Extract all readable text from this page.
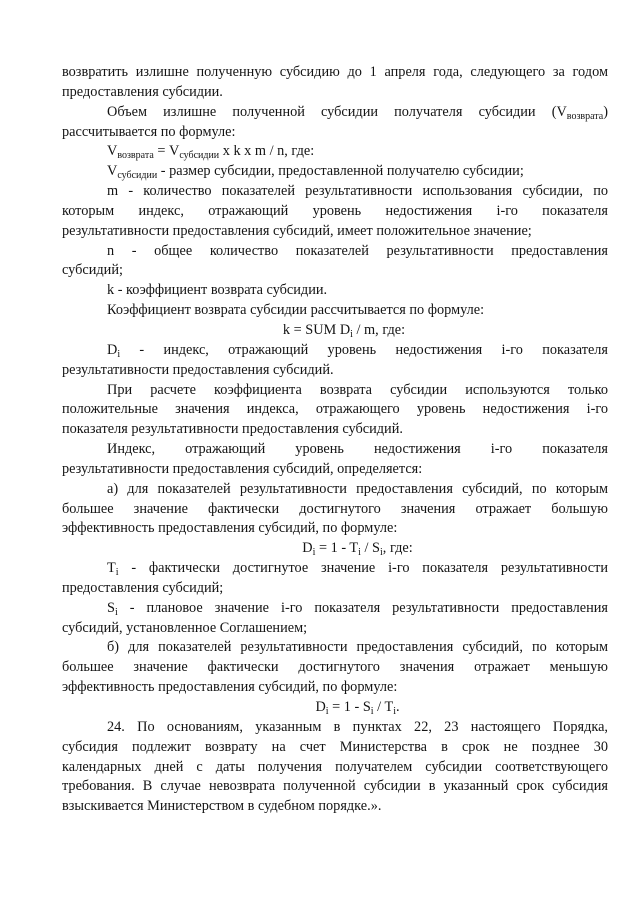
возвратить излишне полученную субсидию до 1 апреля года, следующего за годом
предоставления субсидии.
Объем излишне полученной субсидии получателя субсидии $(V_{возврата})$
рассчитывается по формуле:
$V_{возврата} = V_{субсидии}$ x k x m / n, где:
$V_{субсидии}$ - размер субсидии, предоставленной получателю субсидии;
m - количество показателей результативности использования субсидии, по
которым индекс, отражающий уровень недостижения i-го показателя
результативности предоставления субсидий, имеет положительное значение;
n - общее количество показателей результативности предоставления
субсидий;
k - коэффициент возврата субсидии.
Коэффициент возврата субсидии рассчитывается по формуле:
k = SUM $D_i$ / m, где:
$D_i$ - индекс, отражающий уровень недостижения i-го показателя
результативности предоставления субсидий.
При расчете коэффициента возврата субсидии используются только
положительные значения индекса, отражающего уровень недостижения i-го
показателя результативности предоставления субсидий.
Индекс, отражающий уровень недостижения i-го показателя
результативности предоставления субсидий, определяется:
а) для показателей результативности предоставления субсидий, по которым
большее значение фактически достигнутого значения отражает большую
эффективность предоставления субсидий, по формуле:
$D_i = 1 - T_i / S_i$, где:
$T_i$ - фактически достигнутое значение i-го показателя результативности
предоставления субсидий;
$S_i$ - плановое значение i-го показателя результативности предоставления
субсидий, установленное Соглашением;
б) для показателей результативности предоставления субсидий, по которым
большее значение фактически достигнутого значения отражает меньшую
эффективность предоставления субсидий, по формуле:
$D_i = 1 - S_i / T_i$.
24. По основаниям, указанным в пунктах 22, 23 настоящего Порядка,
субсидия подлежит возврату на счет Министерства в срок не позднее 30
календарных дней с даты получения получателем субсидии соответствующего
требования. В случае невозврата полученной субсидии в указанный срок субсидия
взыскивается Министерством в судебном порядке.».
